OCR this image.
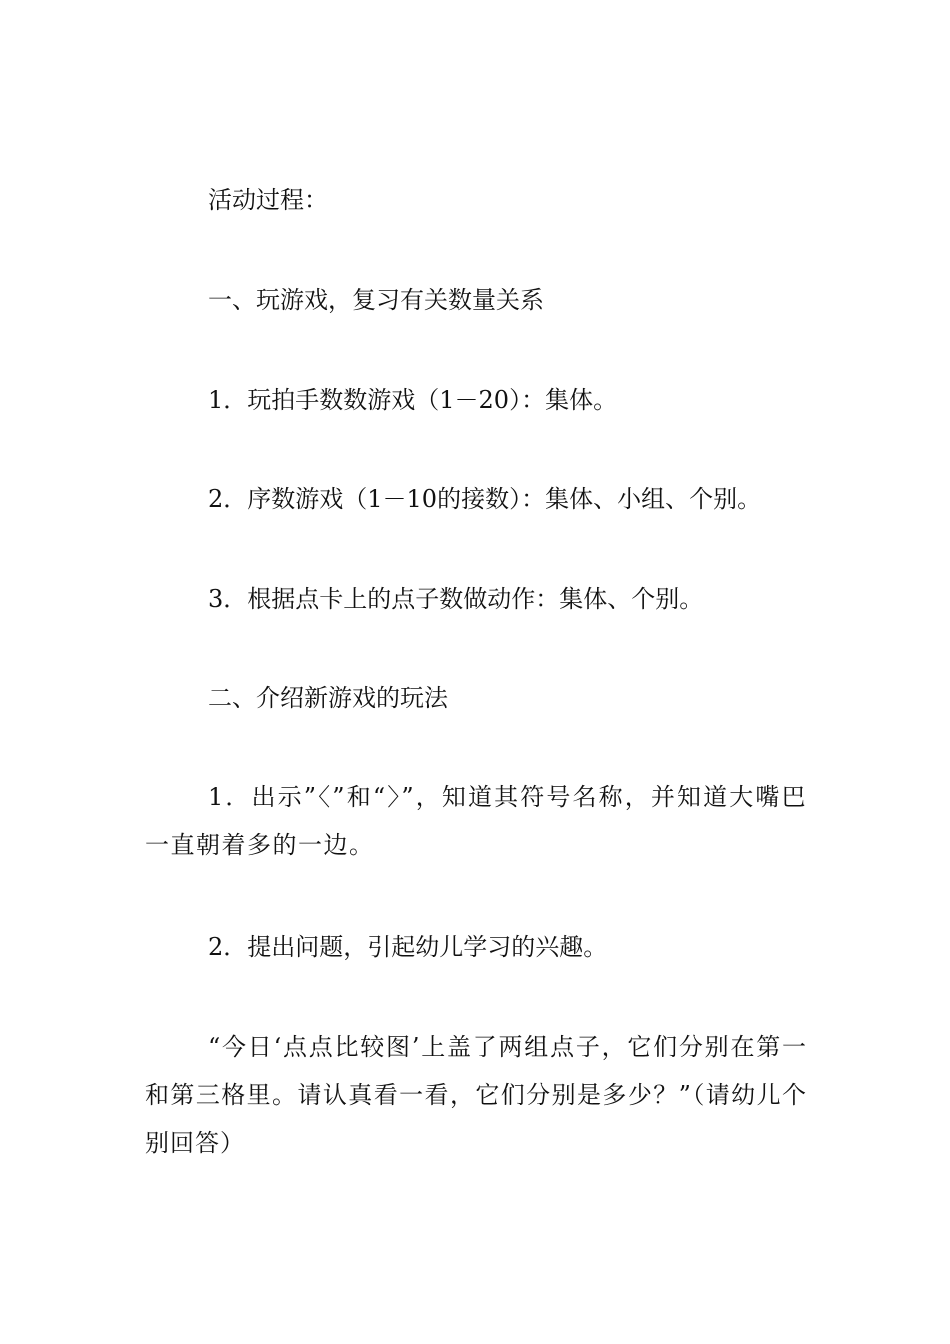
活动过程：
一、玩游戏，复习有关数量关系
1．玩拍手数数游戏（1－20）：集体。
2．序数游戏（1－10的接数）：集体、小组、个别。
3．根据点卡上的点子数做动作：集体、个别。
二、介绍新游戏的玩法
1．出示”〈”和“〉”，知道其符号名称，并知道大嘴巴一直朝着多的一边。
2．提出问题，引起幼儿学习的兴趣。
“今日‘点点比较图’上盖了两组点子，它们分别在第一和第三格里。请认真看一看，它们分别是多少？”（请幼儿个别回答）
